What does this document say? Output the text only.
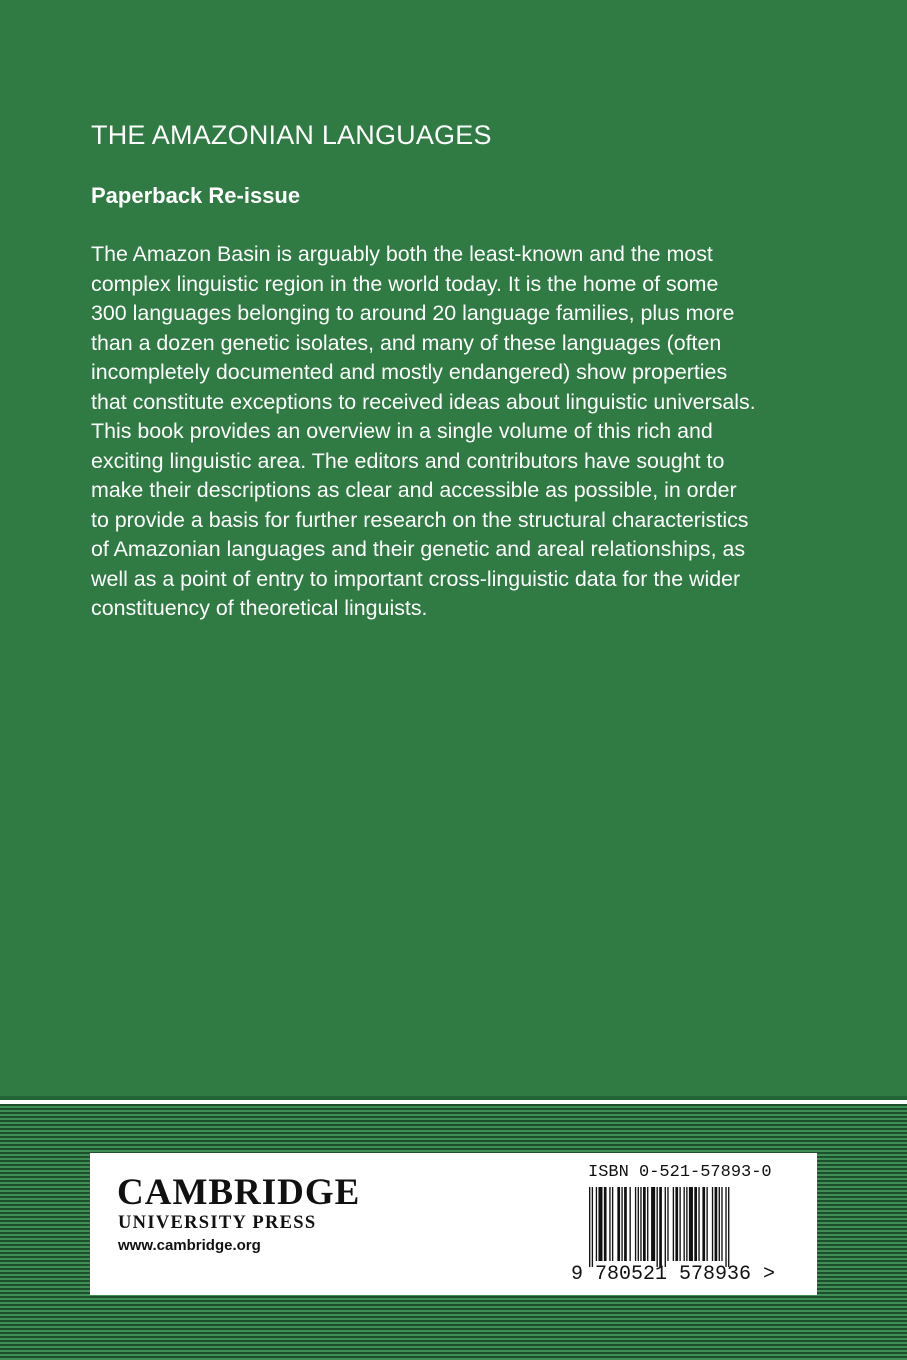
THE AMAZONIAN LANGUAGES
Paperback Re-issue
The Amazon Basin is arguably both the least-known and the most
complex linguistic region in the world today. It is the home of some
300 languages belonging to around 20 language families, plus more
than a dozen genetic isolates, and many of these languages (often
incompletely documented and mostly endangered) show properties
that constitute exceptions to received ideas about linguistic universals.
This book provides an overview in a single volume of this rich and
exciting linguistic area. The editors and contributors have sought to
make their descriptions as clear and accessible as possible, in order
to provide a basis for further research on the structural characteristics
of Amazonian languages and their genetic and areal relationships, as
well as a point of entry to important cross-linguistic data for the wider
constituency of theoretical linguists.
CAMBRIDGE
UNIVERSITY PRESS
www.cambridge.org
ISBN 0-521-57893-0
9 780521 578936 >
